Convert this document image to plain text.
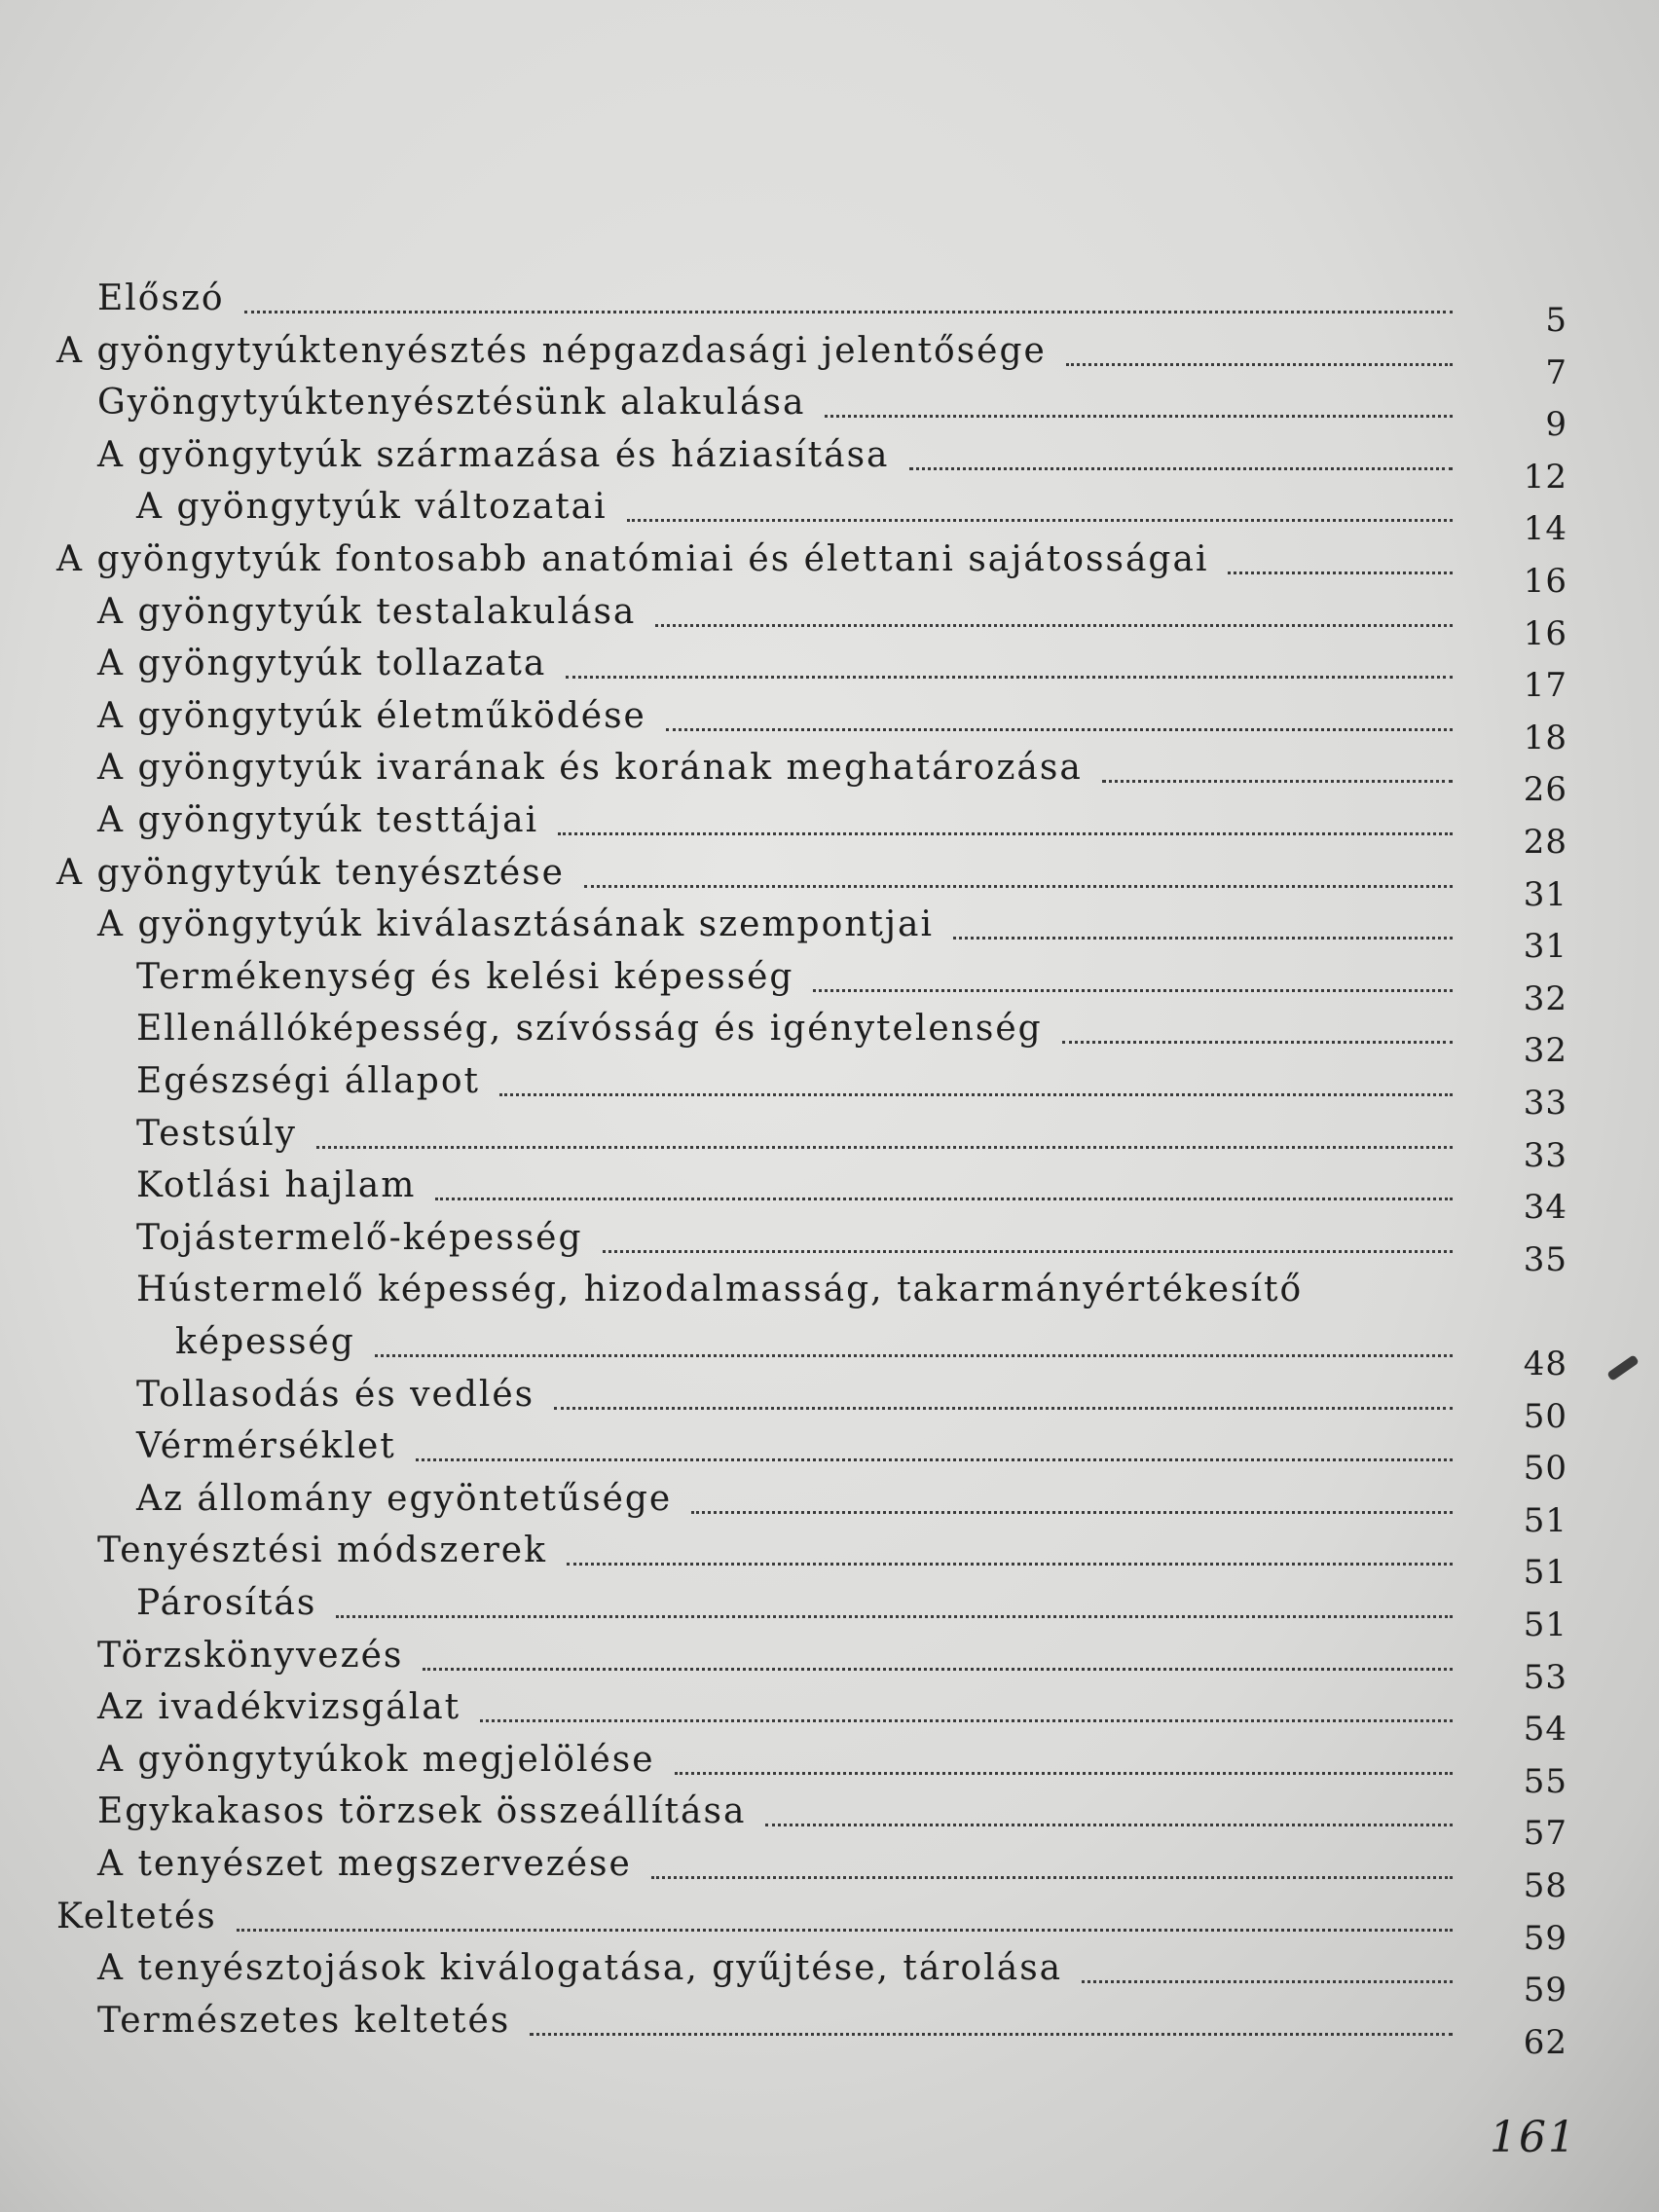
Előszó
5
A gyöngytyúktenyésztés népgazdasági jelentősége
7
Gyöngytyúktenyésztésünk alakulása
9
A gyöngytyúk származása és háziasítása
12
A gyöngytyúk változatai
14
A gyöngytyúk fontosabb anatómiai és élettani sajátosságai
16
A gyöngytyúk testalakulása
16
A gyöngytyúk tollazata
17
A gyöngytyúk életműködése
18
A gyöngytyúk ivarának és korának meghatározása
26
A gyöngytyúk testtájai
28
A gyöngytyúk tenyésztése
31
A gyöngytyúk kiválasztásának szempontjai
31
Termékenység és kelési képesség
32
Ellenállóképesség, szívósság és igénytelenség
32
Egészségi állapot
33
Testsúly
33
Kotlási hajlam
34
Tojástermelő-képesség
35
Hústermelő képesség, hizodalmasság, takarmányértékesítő
képesség
48
Tollasodás és vedlés
50
Vérmérséklet
50
Az állomány egyöntetűsége
51
Tenyésztési módszerek
51
Párosítás
51
Törzskönyvezés
53
Az ivadékvizsgálat
54
A gyöngytyúkok megjelölése
55
Egykakasos törzsek összeállítása
57
A tenyészet megszervezése
58
Keltetés
59
A tenyésztojások kiválogatása, gyűjtése, tárolása
59
Természetes keltetés
62
161
